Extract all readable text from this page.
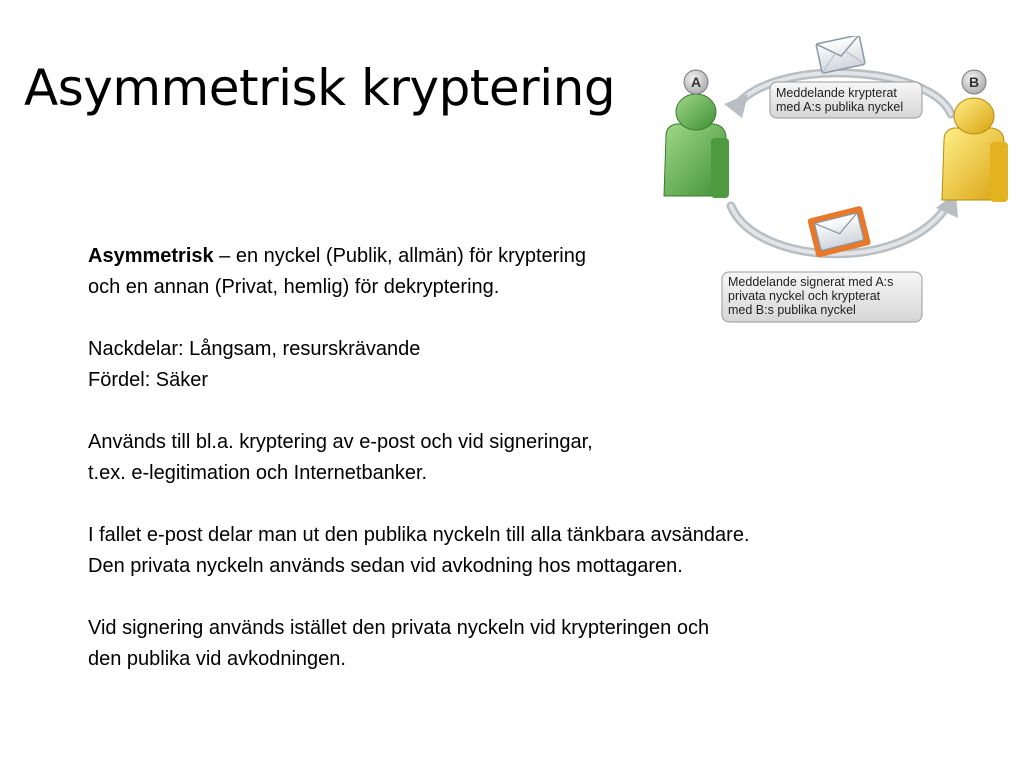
Asymmetrisk kryptering

Asymmetrisk – en nyckel (Publik, allmän) för kryptering
och en annan (Privat, hemlig) för dekryptering.

Nackdelar: Långsam, resurskrävande
Fördel: Säker

Används till bl.a. kryptering av e-post och vid signeringar,
t.ex. e-legitimation och Internetbanker.

I fallet e-post delar man ut den publika nyckeln till alla tänkbara avsändare.
Den privata nyckeln används sedan vid avkodning hos mottagaren.

Vid signering används istället den privata nyckeln vid krypteringen och
den publika vid avkodningen.

A	B
Meddelande krypterat
med A:s publika nyckel
Meddelande signerat med A:s
privata nyckel och krypterat
med B:s publika nyckel
